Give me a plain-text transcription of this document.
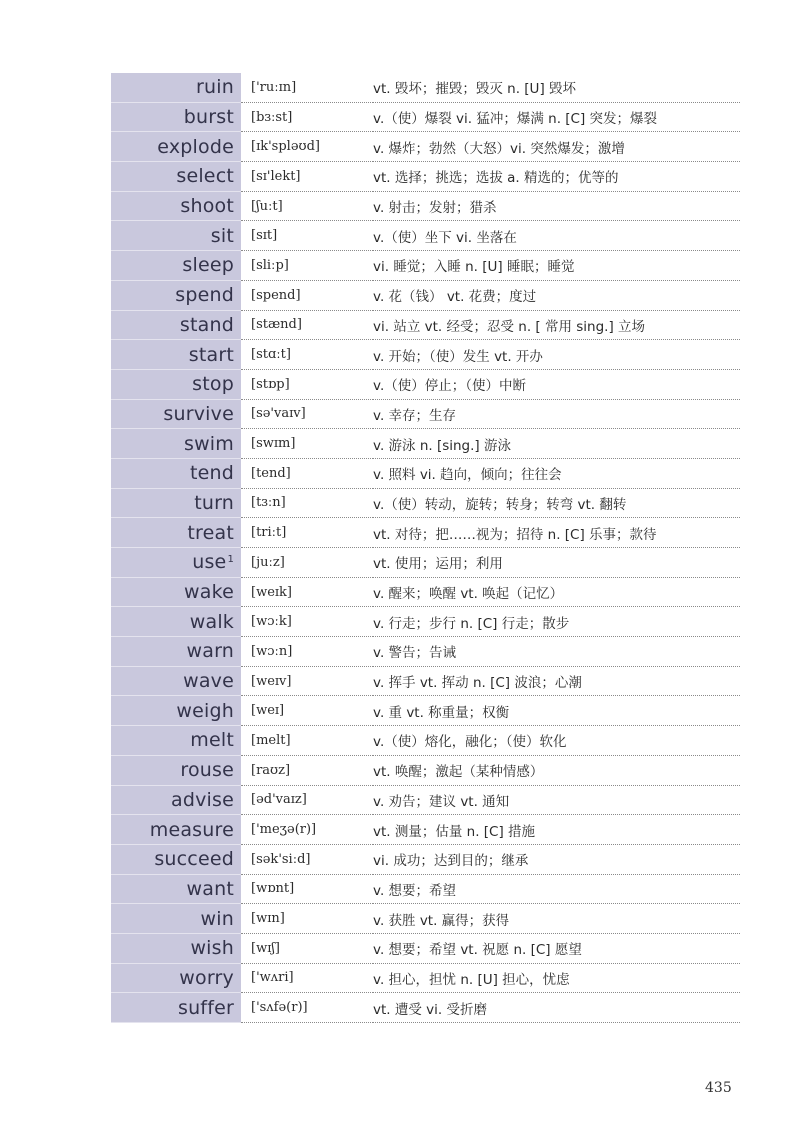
ruin	['ruːɪn]	vt. 毁坏；摧毁；毁灭 n. [U] 毁坏
burst	[bɜːst]	v.（使）爆裂 vi. 猛冲；爆满 n. [C] 突发；爆裂
explode	[ɪk'spləʊd]	v. 爆炸；勃然（大怒）vi. 突然爆发；激增
select	[sɪ'lekt]	vt. 选择；挑选；选拔 a. 精选的；优等的
shoot	[ʃuːt]	v. 射击；发射；猎杀
sit	[sɪt]	v.（使）坐下 vi. 坐落在
sleep	[sliːp]	vi. 睡觉；入睡 n. [U] 睡眠；睡觉
spend	[spend]	v. 花（钱） vt. 花费；度过
stand	[stænd]	vi. 站立 vt. 经受；忍受 n. [ 常用 sing.] 立场
start	[stɑːt]	v. 开始；（使）发生 vt. 开办
stop	[stɒp]	v.（使）停止；（使）中断
survive	[sə'vaɪv]	v. 幸存；生存
swim	[swɪm]	v. 游泳 n. [sing.] 游泳
tend	[tend]	v. 照料 vi. 趋向，倾向；往往会
turn	[tɜːn]	v.（使）转动，旋转；转身；转弯 vt. 翻转
treat	[triːt]	vt. 对待；把……视为；招待 n. [C] 乐事；款待
use$^1$	[juːz]	vt. 使用；运用；利用
wake	[weɪk]	v. 醒来；唤醒 vt. 唤起（记忆）
walk	[wɔːk]	v. 行走；步行 n. [C] 行走；散步
warn	[wɔːn]	v. 警告；告诫
wave	[weɪv]	v. 挥手 vt. 挥动 n. [C] 波浪；心潮
weigh	[weɪ]	v. 重 vt. 称重量；权衡
melt	[melt]	v.（使）熔化，融化；（使）软化
rouse	[raʊz]	vt. 唤醒；激起（某种情感）
advise	[əd'vaɪz]	v. 劝告；建议 vt. 通知
measure	['meʒə(r)]	vt. 测量；估量 n. [C] 措施
succeed	[sək'siːd]	vi. 成功；达到目的；继承
want	[wɒnt]	v. 想要；希望
win	[wɪn]	v. 获胜 vt. 赢得；获得
wish	[wɪʃ]	v. 想要；希望 vt. 祝愿 n. [C] 愿望
worry	['wʌri]	v. 担心，担忧 n. [U] 担心，忧虑
suffer	['sʌfə(r)]	vt. 遭受 vi. 受折磨
435
